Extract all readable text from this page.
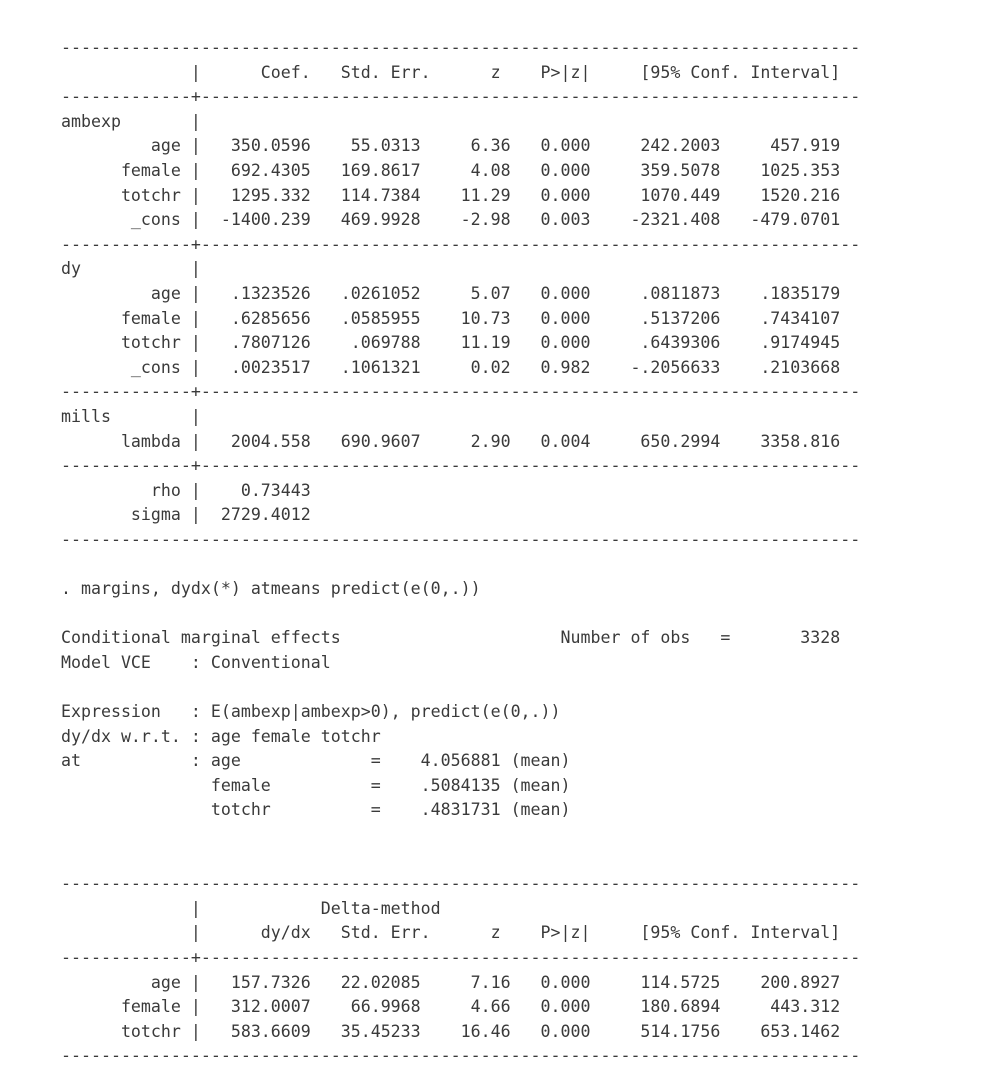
--------------------------------------------------------------------------------
|      Coef.   Std. Err.      z    P>|z|     [95% Conf. Interval]
-------------+------------------------------------------------------------------
ambexp       |
age |   350.0596    55.0313     6.36   0.000     242.2003     457.919
female |   692.4305   169.8617     4.08   0.000     359.5078    1025.353
totchr |   1295.332   114.7384    11.29   0.000     1070.449    1520.216
_cons |  -1400.239   469.9928    -2.98   0.003    -2321.408   -479.0701
-------------+------------------------------------------------------------------
dy           |
age |   .1323526   .0261052     5.07   0.000     .0811873    .1835179
female |   .6285656   .0585955    10.73   0.000     .5137206    .7434107
totchr |   .7807126    .069788    11.19   0.000     .6439306    .9174945
_cons |   .0023517   .1061321     0.02   0.982    -.2056633    .2103668
-------------+------------------------------------------------------------------
mills        |
lambda |   2004.558   690.9607     2.90   0.004     650.2994    3358.816
-------------+------------------------------------------------------------------
rho |    0.73443
sigma |  2729.4012
--------------------------------------------------------------------------------
. margins, dydx(*) atmeans predict(e(0,.))
Conditional marginal effects                      Number of obs   =       3328
Model VCE    : Conventional
Expression   : E(ambexp|ambexp>0), predict(e(0,.))
dy/dx w.r.t. : age female totchr
at           : age             =    4.056881 (mean)
female          =    .5084135 (mean)
totchr          =    .4831731 (mean)
--------------------------------------------------------------------------------
|            Delta-method
|      dy/dx   Std. Err.      z    P>|z|     [95% Conf. Interval]
-------------+------------------------------------------------------------------
age |   157.7326   22.02085     7.16   0.000     114.5725    200.8927
female |   312.0007    66.9968     4.66   0.000     180.6894     443.312
totchr |   583.6609   35.45233    16.46   0.000     514.1756    653.1462
--------------------------------------------------------------------------------
